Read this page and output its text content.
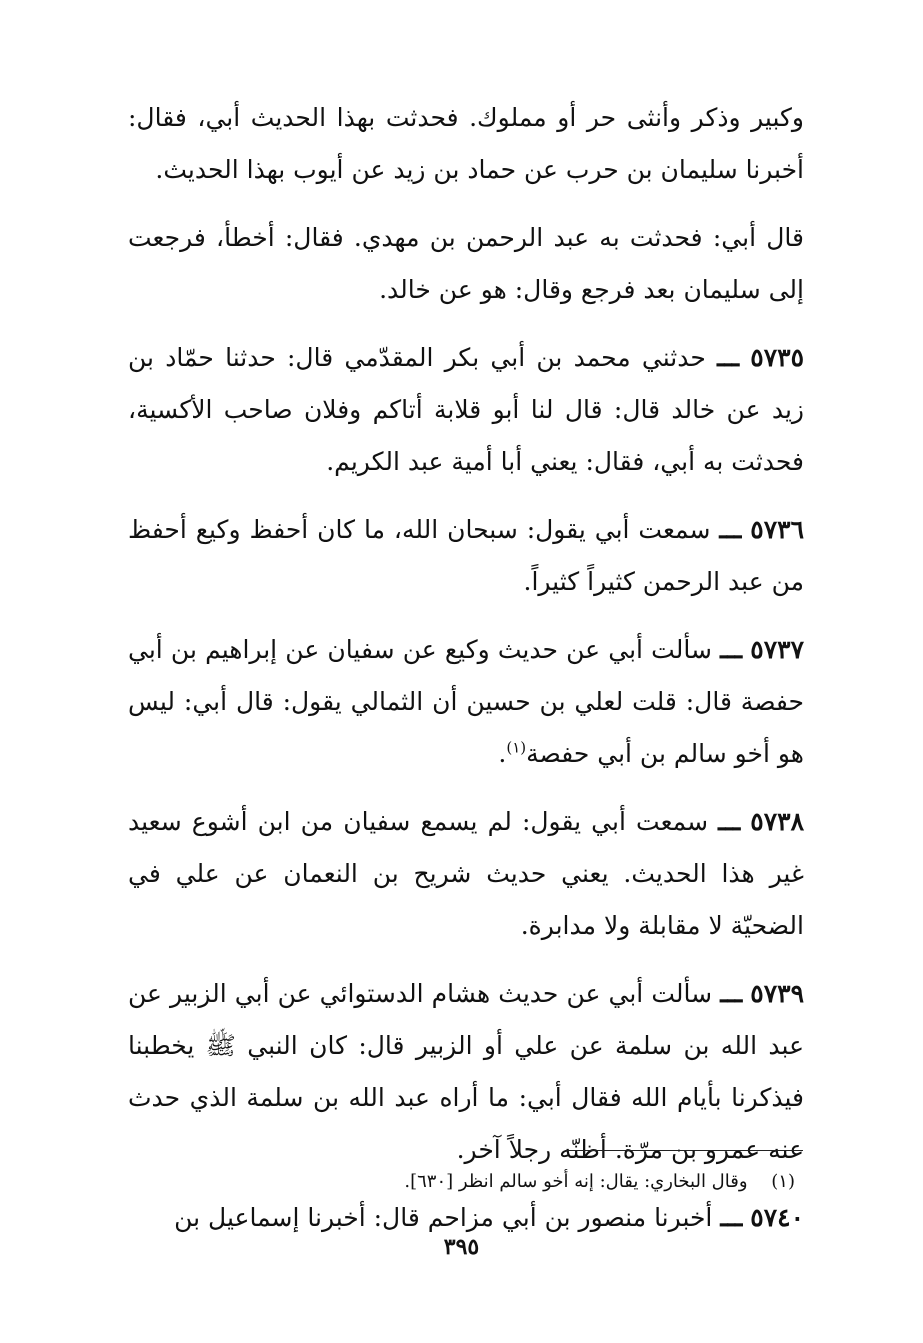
وكبير وذكر وأنثى حر أو مملوك. فحدثت بهذا الحديث أبي، فقال: أخبرنا سليمان بن حرب عن حماد بن زيد عن أيوب بهذا الحديث.

قال أبي: فحدثت به عبد الرحمن بن مهدي. فقال: أخطأ، فرجعت إلى سليمان بعد فرجع وقال: هو عن خالد.

٥٧٣٥ ـــ حدثني محمد بن أبي بكر المقدّمي قال: حدثنا حمّاد بن زيد عن خالد قال: قال لنا أبو قلابة أتاكم وفلان صاحب الأكسية، فحدثت به أبي، فقال: يعني أبا أمية عبد الكريم.

٥٧٣٦ ـــ سمعت أبي يقول: سبحان الله، ما كان أحفظ وكيع أحفظ من عبد الرحمن كثيراً كثيراً.

٥٧٣٧ ـــ سألت أبي عن حديث وكيع عن سفيان عن إبراهيم بن أبي حفصة قال: قلت لعلي بن حسين أن الثمالي يقول: قال أبي: ليس هو أخو سالم بن أبي حفصة$^{(١)}$.

٥٧٣٨ ـــ سمعت أبي يقول: لم يسمع سفيان من ابن أشوع سعيد غير هذا الحديث. يعني حديث شريح بن النعمان عن علي في الضحيّة لا مقابلة ولا مدابرة.

٥٧٣٩ ـــ سألت أبي عن حديث هشام الدستوائي عن أبي الزبير عن عبد الله بن سلمة عن علي أو الزبير قال: كان النبي ﷺ يخطبنا فيذكرنا بأيام الله فقال أبي: ما أراه عبد الله بن سلمة الذي حدث عنه عمرو بن مرّة. أظنّه رجلاً آخر.

٥٧٤٠ ـــ أخبرنا منصور بن أبي مزاحم قال: أخبرنا إسماعيل بن

(١) وقال البخاري: يقال: إنه أخو سالم انظر [٦٣٠].
٣٩٥
